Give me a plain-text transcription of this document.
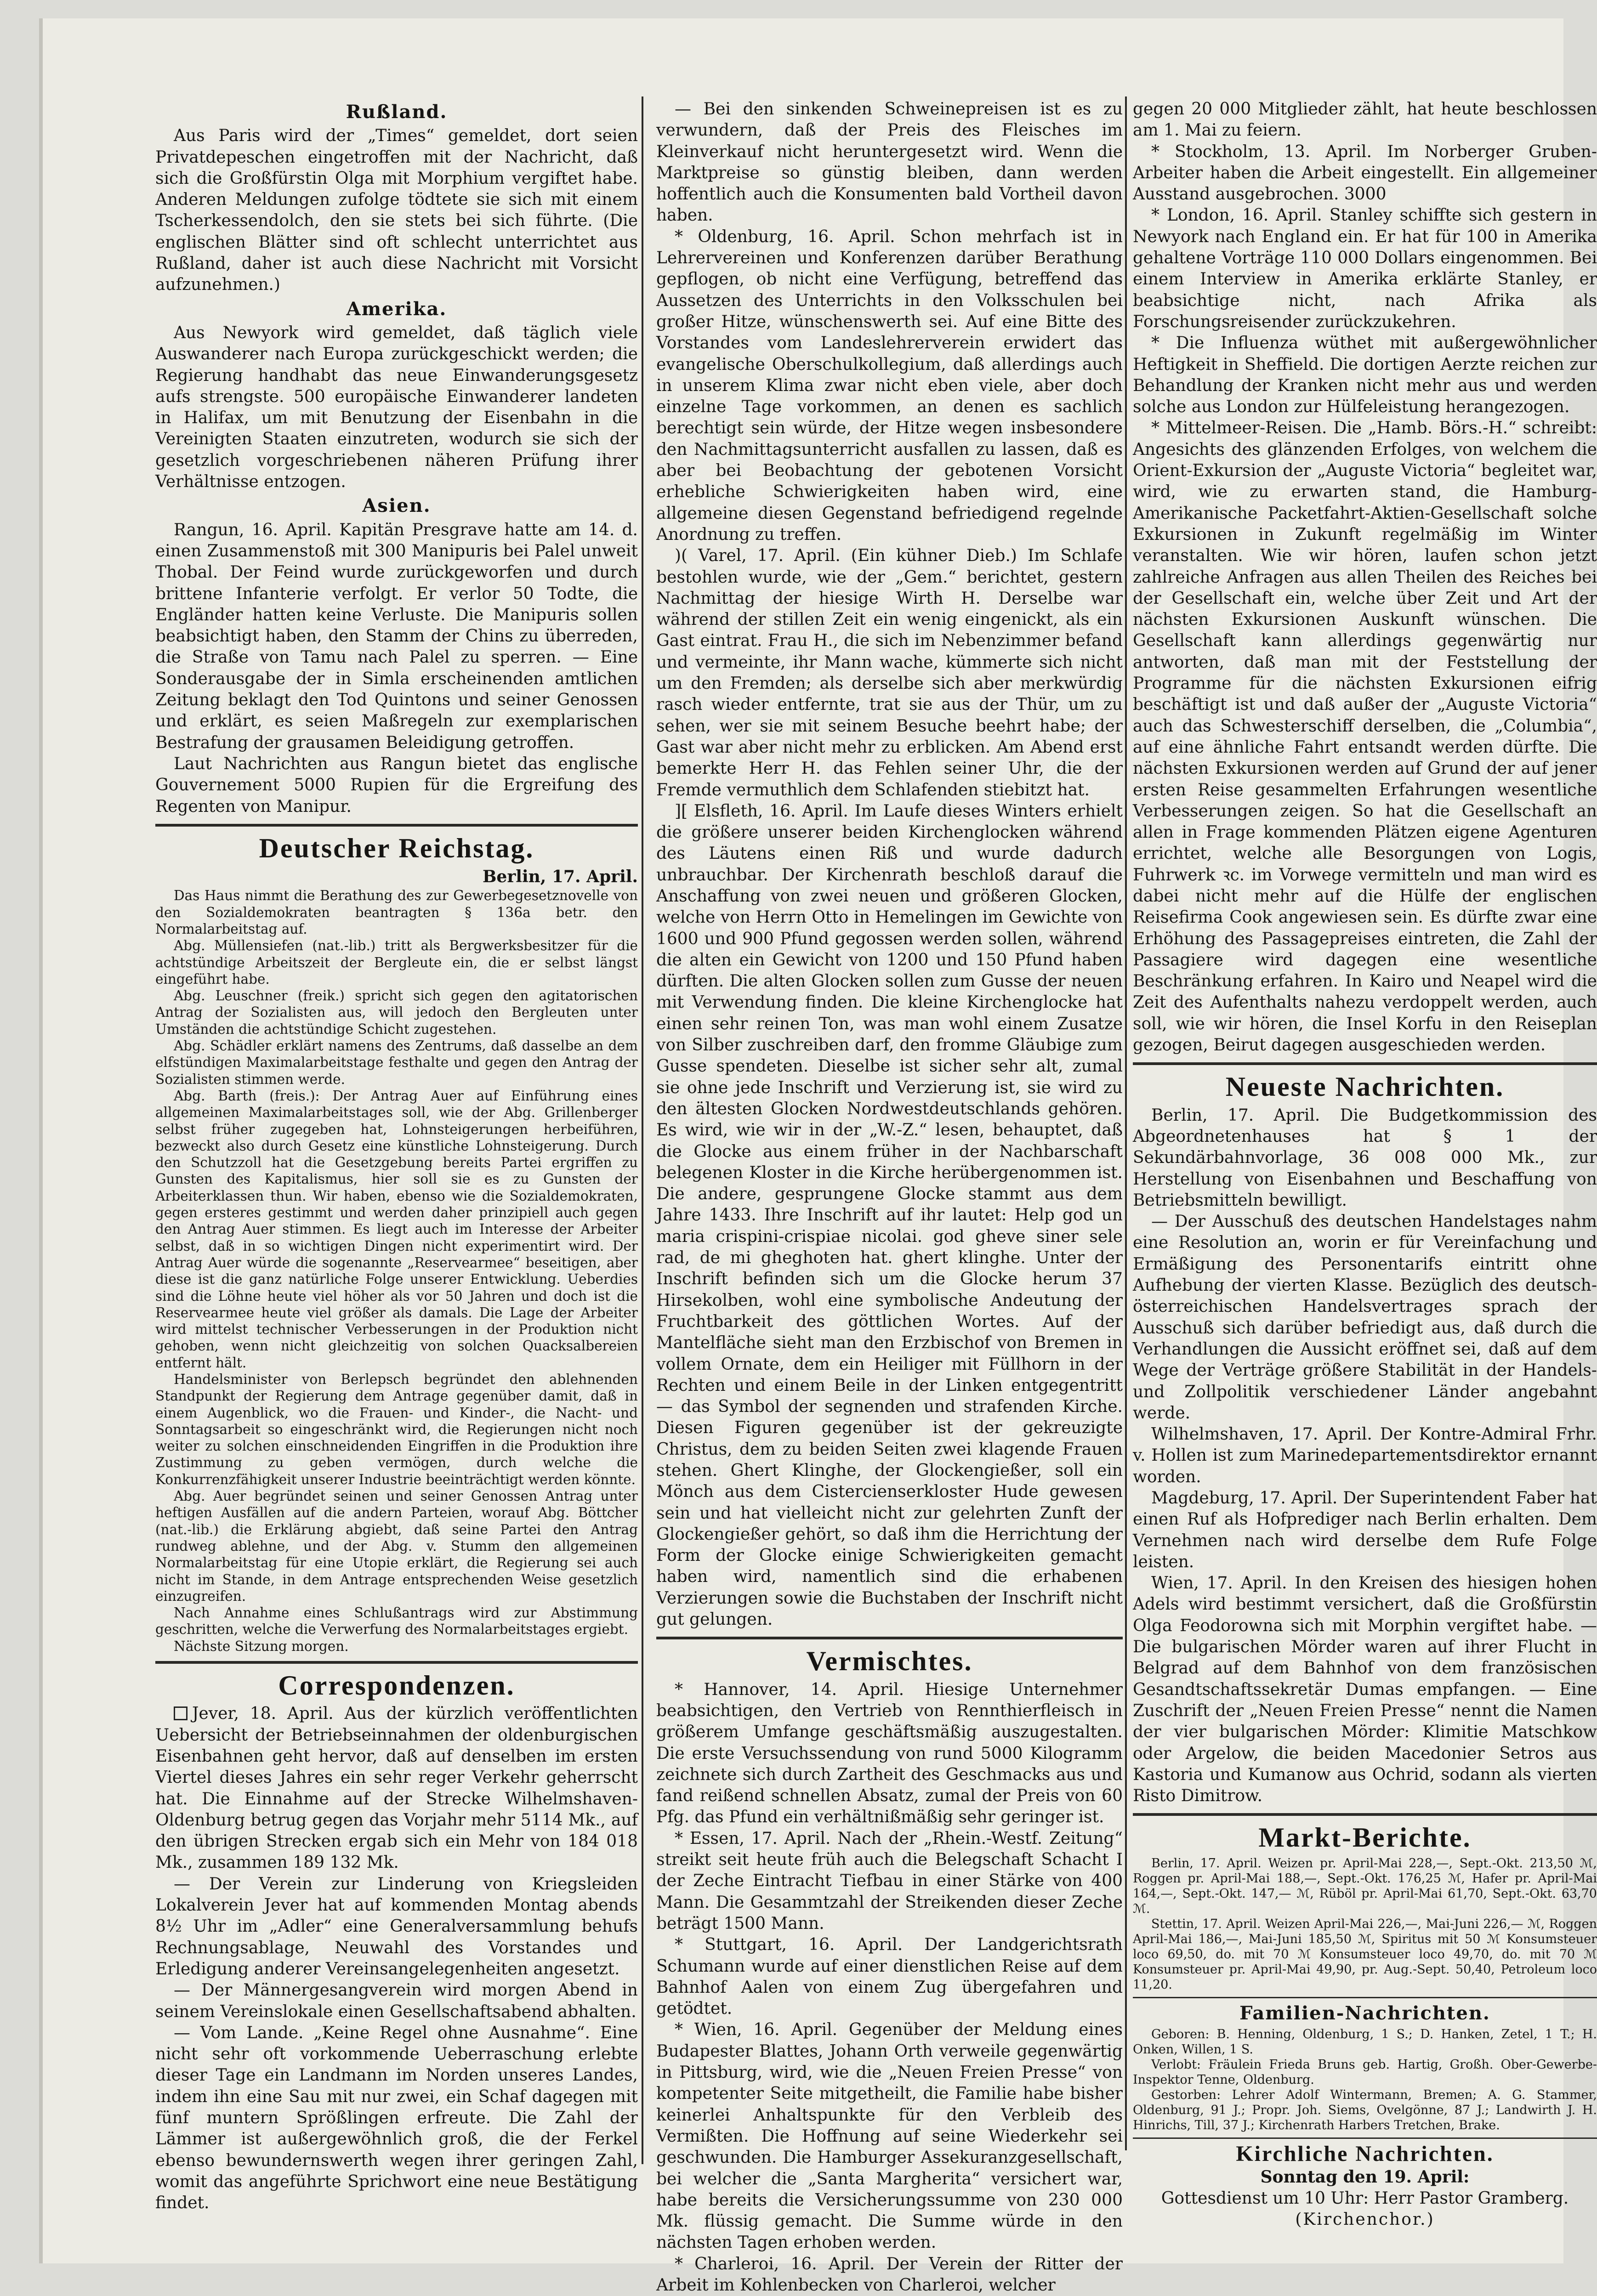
Rußland.

Aus Paris wird der „Times“ gemeldet, dort seien Privatdepeschen eingetroffen mit der Nachricht, daß sich die Großfürstin Olga mit Morphium vergiftet habe. Anderen Meldungen zufolge tödtete sie sich mit einem Tscherkessendolch, den sie stets bei sich führte. (Die englischen Blätter sind oft schlecht unterrichtet aus Rußland, daher ist auch diese Nachricht mit Vorsicht aufzunehmen.)

Amerika.

Aus Newyork wird gemeldet, daß täglich viele Auswanderer nach Europa zurückgeschickt werden; die Regierung handhabt das neue Einwanderungsgesetz aufs strengste. 500 europäische Einwanderer landeten in Halifax, um mit Benutzung der Eisenbahn in die Vereinigten Staaten einzutreten, wodurch sie sich der gesetzlich vorgeschriebenen näheren Prüfung ihrer Verhältnisse entzogen.

Asien.

Rangun, 16. April. Kapitän Presgrave hatte am 14. d. einen Zusammenstoß mit 300 Manipuris bei Palel unweit Thobal. Der Feind wurde zurückgeworfen und durch brittene Infanterie verfolgt. Er verlor 50 Todte, die Engländer hatten keine Verluste. Die Manipuris sollen beabsichtigt haben, den Stamm der Chins zu überreden, die Straße von Tamu nach Palel zu sperren. — Eine Sonderausgabe der in Simla erscheinenden amtlichen Zeitung beklagt den Tod Quintons und seiner Genossen und erklärt, es seien Maßregeln zur exemplarischen Bestrafung der grausamen Beleidigung getroffen.

Laut Nachrichten aus Rangun bietet das englische Gouvernement 5000 Rupien für die Ergreifung des Regenten von Manipur.

Deutscher Reichstag.
Berlin, 17. April.

Das Haus nimmt die Berathung des zur Gewerbegesetznovelle von den Sozialdemokraten beantragten § 136a betr. den Normalarbeitstag auf.

Abg. Müllensiefen (nat.-lib.) tritt als Bergwerksbesitzer für die achtstündige Arbeitszeit der Bergleute ein, die er selbst längst eingeführt habe.

Abg. Leuschner (freik.) spricht sich gegen den agitatorischen Antrag der Sozialisten aus, will jedoch den Bergleuten unter Umständen die achtstündige Schicht zugestehen.

Abg. Schädler erklärt namens des Zentrums, daß dasselbe an dem elfstündigen Maximalarbeitstage festhalte und gegen den Antrag der Sozialisten stimmen werde.

Abg. Barth (freis.): Der Antrag Auer auf Einführung eines allgemeinen Maximalarbeitstages soll, wie der Abg. Grillenberger selbst früher zugegeben hat, Lohnsteigerungen herbeiführen, bezweckt also durch Gesetz eine künstliche Lohnsteigerung. Durch den Schutzzoll hat die Gesetzgebung bereits Partei ergriffen zu Gunsten des Kapitalismus, hier soll sie es zu Gunsten der Arbeiterklassen thun. Wir haben, ebenso wie die Sozialdemokraten, gegen ersteres gestimmt und werden daher prinzipiell auch gegen den Antrag Auer stimmen. Es liegt auch im Interesse der Arbeiter selbst, daß in so wichtigen Dingen nicht experimentirt wird. Der Antrag Auer würde die sogenannte „Reservearmee“ beseitigen, aber diese ist die ganz natürliche Folge unserer Entwicklung. Ueberdies sind die Löhne heute viel höher als vor 50 Jahren und doch ist die Reservearmee heute viel größer als damals. Die Lage der Arbeiter wird mittelst technischer Verbesserungen in der Produktion nicht gehoben, wenn nicht gleichzeitig von solchen Quacksalbereien entfernt hält.

Handelsminister von Berlepsch begründet den ablehnenden Standpunkt der Regierung dem Antrage gegenüber damit, daß in einem Augenblick, wo die Frauen- und Kinder-, die Nacht- und Sonntagsarbeit so eingeschränkt wird, die Regierungen nicht noch weiter zu solchen einschneidenden Eingriffen in die Produktion ihre Zustimmung zu geben vermögen, durch welche die Konkurrenzfähigkeit unserer Industrie beeinträchtigt werden könnte.

Abg. Auer begründet seinen und seiner Genossen Antrag unter heftigen Ausfällen auf die andern Parteien, worauf Abg. Böttcher (nat.-lib.) die Erklärung abgiebt, daß seine Partei den Antrag rundweg ablehne, und der Abg. v. Stumm den allgemeinen Normalarbeitstag für eine Utopie erklärt, die Regierung sei auch nicht im Stande, in dem Antrage entsprechenden Weise gesetzlich einzugreifen.

Nach Annahme eines Schlußantrags wird zur Abstimmung geschritten, welche die Verwerfung des Normalarbeitstages ergiebt.

Nächste Sitzung morgen.

Correspondenzen.

Jever, 18. April. Aus der kürzlich veröffentlichten Uebersicht der Betriebseinnahmen der oldenburgischen Eisenbahnen geht hervor, daß auf denselben im ersten Viertel dieses Jahres ein sehr reger Verkehr geherrscht hat. Die Einnahme auf der Strecke Wilhelmshaven-Oldenburg betrug gegen das Vorjahr mehr 5114 Mk., auf den übrigen Strecken ergab sich ein Mehr von 184 018 Mk., zusammen 189 132 Mk.

— Der Verein zur Linderung von Kriegsleiden Lokalverein Jever hat auf kommenden Montag abends 8½ Uhr im „Adler“ eine Generalversammlung behufs Rechnungsablage, Neuwahl des Vorstandes und Erledigung anderer Vereinsangelegenheiten angesetzt.

— Der Männergesangverein wird morgen Abend in seinem Vereinslokale einen Gesellschaftsabend abhalten.

— Vom Lande. „Keine Regel ohne Ausnahme“. Eine nicht sehr oft vorkommende Ueberraschung erlebte dieser Tage ein Landmann im Norden unseres Landes, indem ihn eine Sau mit nur zwei, ein Schaf dagegen mit fünf muntern Sprößlingen erfreute. Die Zahl der Lämmer ist außergewöhnlich groß, die der Ferkel ebenso bewundernswerth wegen ihrer geringen Zahl, womit das angeführte Sprichwort eine neue Bestätigung findet.

— Bei den sinkenden Schweinepreisen ist es zu verwundern, daß der Preis des Fleisches im Kleinverkauf nicht heruntergesetzt wird. Wenn die Marktpreise so günstig bleiben, dann werden hoffentlich auch die Konsumenten bald Vortheil davon haben.

* Oldenburg, 16. April. Schon mehrfach ist in Lehrervereinen und Konferenzen darüber Berathung gepflogen, ob nicht eine Verfügung, betreffend das Aussetzen des Unterrichts in den Volksschulen bei großer Hitze, wünschenswerth sei. Auf eine Bitte des Vorstandes vom Landeslehrerverein erwidert das evangelische Oberschulkollegium, daß allerdings auch in unserem Klima zwar nicht eben viele, aber doch einzelne Tage vorkommen, an denen es sachlich berechtigt sein würde, der Hitze wegen insbesondere den Nachmittagsunterricht ausfallen zu lassen, daß es aber bei Beobachtung der gebotenen Vorsicht erhebliche Schwierigkeiten haben wird, eine allgemeine diesen Gegenstand befriedigend regelnde Anordnung zu treffen.

)( Varel, 17. April. (Ein kühner Dieb.) Im Schlafe bestohlen wurde, wie der „Gem.“ berichtet, gestern Nachmittag der hiesige Wirth H. Derselbe war während der stillen Zeit ein wenig eingenickt, als ein Gast eintrat. Frau H., die sich im Nebenzimmer befand und vermeinte, ihr Mann wache, kümmerte sich nicht um den Fremden; als derselbe sich aber merkwürdig rasch wieder entfernte, trat sie aus der Thür, um zu sehen, wer sie mit seinem Besuche beehrt habe; der Gast war aber nicht mehr zu erblicken. Am Abend erst bemerkte Herr H. das Fehlen seiner Uhr, die der Fremde vermuthlich dem Schlafenden stiebitzt hat.

][ Elsfleth, 16. April. Im Laufe dieses Winters erhielt die größere unserer beiden Kirchenglocken während des Läutens einen Riß und wurde dadurch unbrauchbar. Der Kirchenrath beschloß darauf die Anschaffung von zwei neuen und größeren Glocken, welche von Herrn Otto in Hemelingen im Gewichte von 1600 und 900 Pfund gegossen werden sollen, während die alten ein Gewicht von 1200 und 150 Pfund haben dürften. Die alten Glocken sollen zum Gusse der neuen mit Verwendung finden. Die kleine Kirchenglocke hat einen sehr reinen Ton, was man wohl einem Zusatze von Silber zuschreiben darf, den fromme Gläubige zum Gusse spendeten. Dieselbe ist sicher sehr alt, zumal sie ohne jede Inschrift und Verzierung ist, sie wird zu den ältesten Glocken Nordwestdeutschlands gehören. Es wird, wie wir in der „W.-Z.“ lesen, behauptet, daß die Glocke aus einem früher in der Nachbarschaft belegenen Kloster in die Kirche herübergenommen ist. Die andere, gesprungene Glocke stammt aus dem Jahre 1433. Ihre Inschrift auf ihr lautet: Help god un maria crispini-crispiae nicolai. god gheve siner sele rad, de mi gheghoten hat. ghert klinghe. Unter der Inschrift befinden sich um die Glocke herum 37 Hirsekolben, wohl eine symbolische Andeutung der Fruchtbarkeit des göttlichen Wortes. Auf der Mantelfläche sieht man den Erzbischof von Bremen in vollem Ornate, dem ein Heiliger mit Füllhorn in der Rechten und einem Beile in der Linken entgegentritt — das Symbol der segnenden und strafenden Kirche. Diesen Figuren gegenüber ist der gekreuzigte Christus, dem zu beiden Seiten zwei klagende Frauen stehen. Ghert Klinghe, der Glockengießer, soll ein Mönch aus dem Cistercienserkloster Hude gewesen sein und hat vielleicht nicht zur gelehrten Zunft der Glockengießer gehört, so daß ihm die Herrichtung der Form der Glocke einige Schwierigkeiten gemacht haben wird, namentlich sind die erhabenen Verzierungen sowie die Buchstaben der Inschrift nicht gut gelungen.

Vermischtes.

* Hannover, 14. April. Hiesige Unternehmer beabsichtigen, den Vertrieb von Rennthierfleisch in größerem Umfange geschäftsmäßig auszugestalten. Die erste Versuchssendung von rund 5000 Kilogramm zeichnete sich durch Zartheit des Geschmacks aus und fand reißend schnellen Absatz, zumal der Preis von 60 Pfg. das Pfund ein verhältnißmäßig sehr geringer ist.

* Essen, 17. April. Nach der „Rhein.-Westf. Zeitung“ streikt seit heute früh auch die Belegschaft Schacht I der Zeche Eintracht Tiefbau in einer Stärke von 400 Mann. Die Gesammtzahl der Streikenden dieser Zeche beträgt 1500 Mann.

* Stuttgart, 16. April. Der Landgerichtsrath Schumann wurde auf einer dienstlichen Reise auf dem Bahnhof Aalen von einem Zug übergefahren und getödtet.

* Wien, 16. April. Gegenüber der Meldung eines Budapester Blattes, Johann Orth verweile gegenwärtig in Pittsburg, wird, wie die „Neuen Freien Presse“ von kompetenter Seite mitgetheilt, die Familie habe bisher keinerlei Anhaltspunkte für den Verbleib des Vermißten. Die Hoffnung auf seine Wiederkehr sei geschwunden. Die Hamburger Assekuranzgesellschaft, bei welcher die „Santa Margherita“ versichert war, habe bereits die Versicherungssumme von 230 000 Mk. flüssig gemacht. Die Summe würde in den nächsten Tagen erhoben werden.

* Charleroi, 16. April. Der Verein der Ritter der Arbeit im Kohlenbecken von Charleroi, welcher

gegen 20 000 Mitglieder zählt, hat heute beschlossen am 1. Mai zu feiern.

* Stockholm, 13. April. Im Norberger Gruben-Arbeiter haben die Arbeit eingestellt. Ein allgemeiner Ausstand ausgebrochen. 3000

* London, 16. April. Stanley schiffte sich gestern in Newyork nach England ein. Er hat für 100 in Amerika gehaltene Vorträge 110 000 Dollars eingenommen. Bei einem Interview in Amerika erklärte Stanley, er beabsichtige nicht, nach Afrika als Forschungsreisender zurückzukehren.

* Die Influenza wüthet mit außergewöhnlicher Heftigkeit in Sheffield. Die dortigen Aerzte reichen zur Behandlung der Kranken nicht mehr aus und werden solche aus London zur Hülfeleistung herangezogen.

* Mittelmeer-Reisen. Die „Hamb. Börs.-H.“ schreibt: Angesichts des glänzenden Erfolges, von welchem die Orient-Exkursion der „Auguste Victoria“ begleitet war, wird, wie zu erwarten stand, die Hamburg-Amerikanische Packetfahrt-Aktien-Gesellschaft solche Exkursionen in Zukunft regelmäßig im Winter veranstalten. Wie wir hören, laufen schon jetzt zahlreiche Anfragen aus allen Theilen des Reiches bei der Gesellschaft ein, welche über Zeit und Art der nächsten Exkursionen Auskunft wünschen. Die Gesellschaft kann allerdings gegenwärtig nur antworten, daß man mit der Feststellung der Programme für die nächsten Exkursionen eifrig beschäftigt ist und daß außer der „Auguste Victoria“ auch das Schwesterschiff derselben, die „Columbia“, auf eine ähnliche Fahrt entsandt werden dürfte. Die nächsten Exkursionen werden auf Grund der auf jener ersten Reise gesammelten Erfahrungen wesentliche Verbesserungen zeigen. So hat die Gesellschaft an allen in Frage kommenden Plätzen eigene Agenturen errichtet, welche alle Besorgungen von Logis, Fuhrwerk ꝛc. im Vorwege vermitteln und man wird es dabei nicht mehr auf die Hülfe der englischen Reisefirma Cook angewiesen sein. Es dürfte zwar eine Erhöhung des Passagepreises eintreten, die Zahl der Passagiere wird dagegen eine wesentliche Beschränkung erfahren. In Kairo und Neapel wird die Zeit des Aufenthalts nahezu verdoppelt werden, auch soll, wie wir hören, die Insel Korfu in den Reiseplan gezogen, Beirut dagegen ausgeschieden werden.

Neueste Nachrichten.

Berlin, 17. April. Die Budgetkommission des Abgeordnetenhauses hat § 1 der Sekundärbahnvorlage, 36 008 000 Mk., zur Herstellung von Eisenbahnen und Beschaffung von Betriebsmitteln bewilligt.

— Der Ausschuß des deutschen Handelstages nahm eine Resolution an, worin er für Vereinfachung und Ermäßigung des Personentarifs eintritt ohne Aufhebung der vierten Klasse. Bezüglich des deutsch-österreichischen Handelsvertrages sprach der Ausschuß sich darüber befriedigt aus, daß durch die Verhandlungen die Aussicht eröffnet sei, daß auf dem Wege der Verträge größere Stabilität in der Handels- und Zollpolitik verschiedener Länder angebahnt werde.

Wilhelmshaven, 17. April. Der Kontre-Admiral Frhr. v. Hollen ist zum Marinedepartementsdirektor ernannt worden.

Magdeburg, 17. April. Der Superintendent Faber hat einen Ruf als Hofprediger nach Berlin erhalten. Dem Vernehmen nach wird derselbe dem Rufe Folge leisten.

Wien, 17. April. In den Kreisen des hiesigen hohen Adels wird bestimmt versichert, daß die Großfürstin Olga Feodorowna sich mit Morphin vergiftet habe. — Die bulgarischen Mörder waren auf ihrer Flucht in Belgrad auf dem Bahnhof von dem französischen Gesandtschaftssekretär Dumas empfangen. — Eine Zuschrift der „Neuen Freien Presse“ nennt die Namen der vier bulgarischen Mörder: Klimitie Matschkow oder Argelow, die beiden Macedonier Setros aus Kastoria und Kumanow aus Ochrid, sodann als vierten Risto Dimitrow.

Markt-Berichte.

Berlin, 17. April. Weizen pr. April-Mai 228,—, Sept.-Okt. 213,50 ℳ, Roggen pr. April-Mai 188,—, Sept.-Okt. 176,25 ℳ, Hafer pr. April-Mai 164,—, Sept.-Okt. 147,— ℳ, Rüböl pr. April-Mai 61,70, Sept.-Okt. 63,70 ℳ.

Stettin, 17. April. Weizen April-Mai 226,—, Mai-Juni 226,— ℳ, Roggen April-Mai 186,—, Mai-Juni 185,50 ℳ, Spiritus mit 50 ℳ Konsumsteuer loco 69,50, do. mit 70 ℳ Konsumsteuer loco 49,70, do. mit 70 ℳ Konsumsteuer pr. April-Mai 49,90, pr. Aug.-Sept. 50,40, Petroleum loco 11,20.

Familien-Nachrichten.

Geboren: B. Henning, Oldenburg, 1 S.; D. Hanken, Zetel, 1 T.; H. Onken, Willen, 1 S.

Verlobt: Fräulein Frieda Bruns geb. Hartig, Großh. Ober-Gewerbe-Inspektor Tenne, Oldenburg.

Gestorben: Lehrer Adolf Wintermann, Bremen; A. G. Stammer, Oldenburg, 91 J.; Propr. Joh. Siems, Ovelgönne, 87 J.; Landwirth J. H. Hinrichs, Till, 37 J.; Kirchenrath Harbers Tretchen, Brake.

Kirchliche Nachrichten.
Sonntag den 19. April:
Gottesdienst um 10 Uhr: Herr Pastor Gramberg.
(Kirchenchor.)
